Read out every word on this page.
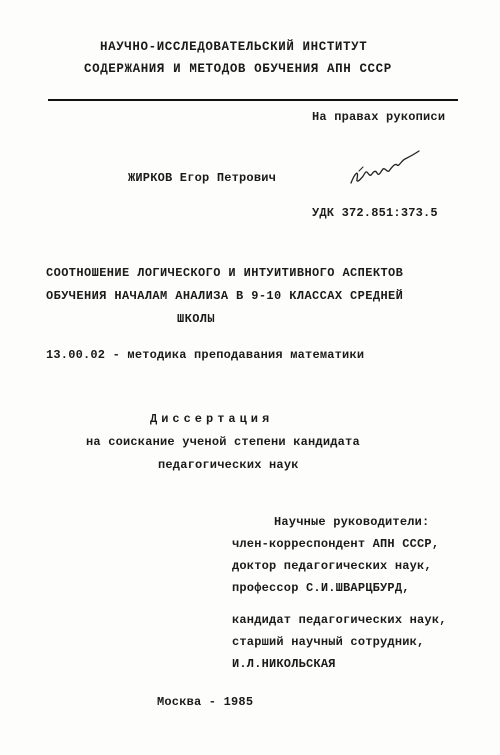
НАУЧНО-ИССЛЕДОВАТЕЛЬСКИЙ ИНСТИТУТ
СОДЕРЖАНИЯ И МЕТОДОВ ОБУЧЕНИЯ АПН СССР
На правах рукописи
ЖИРКОВ Егор Петрович
УДК 372.851:373.5
СООТНОШЕНИЕ ЛОГИЧЕСКОГО И ИНТУИТИВНОГО АСПЕКТОВ
ОБУЧЕНИЯ НАЧАЛАМ АНАЛИЗА В 9-10 КЛАССАХ СРЕДНЕЙ
ШКОЛЫ
13.00.02 - методика преподавания математики
Диссертация
на соискание ученой степени кандидата
педагогических наук
Научные руководители:
член-корреспондент АПН СССР,
доктор педагогических наук,
профессор С.И.ШВАРЦБУРД,
кандидат педагогических наук,
старший научный сотрудник,
И.Л.НИКОЛЬСКАЯ
Москва - 1985
